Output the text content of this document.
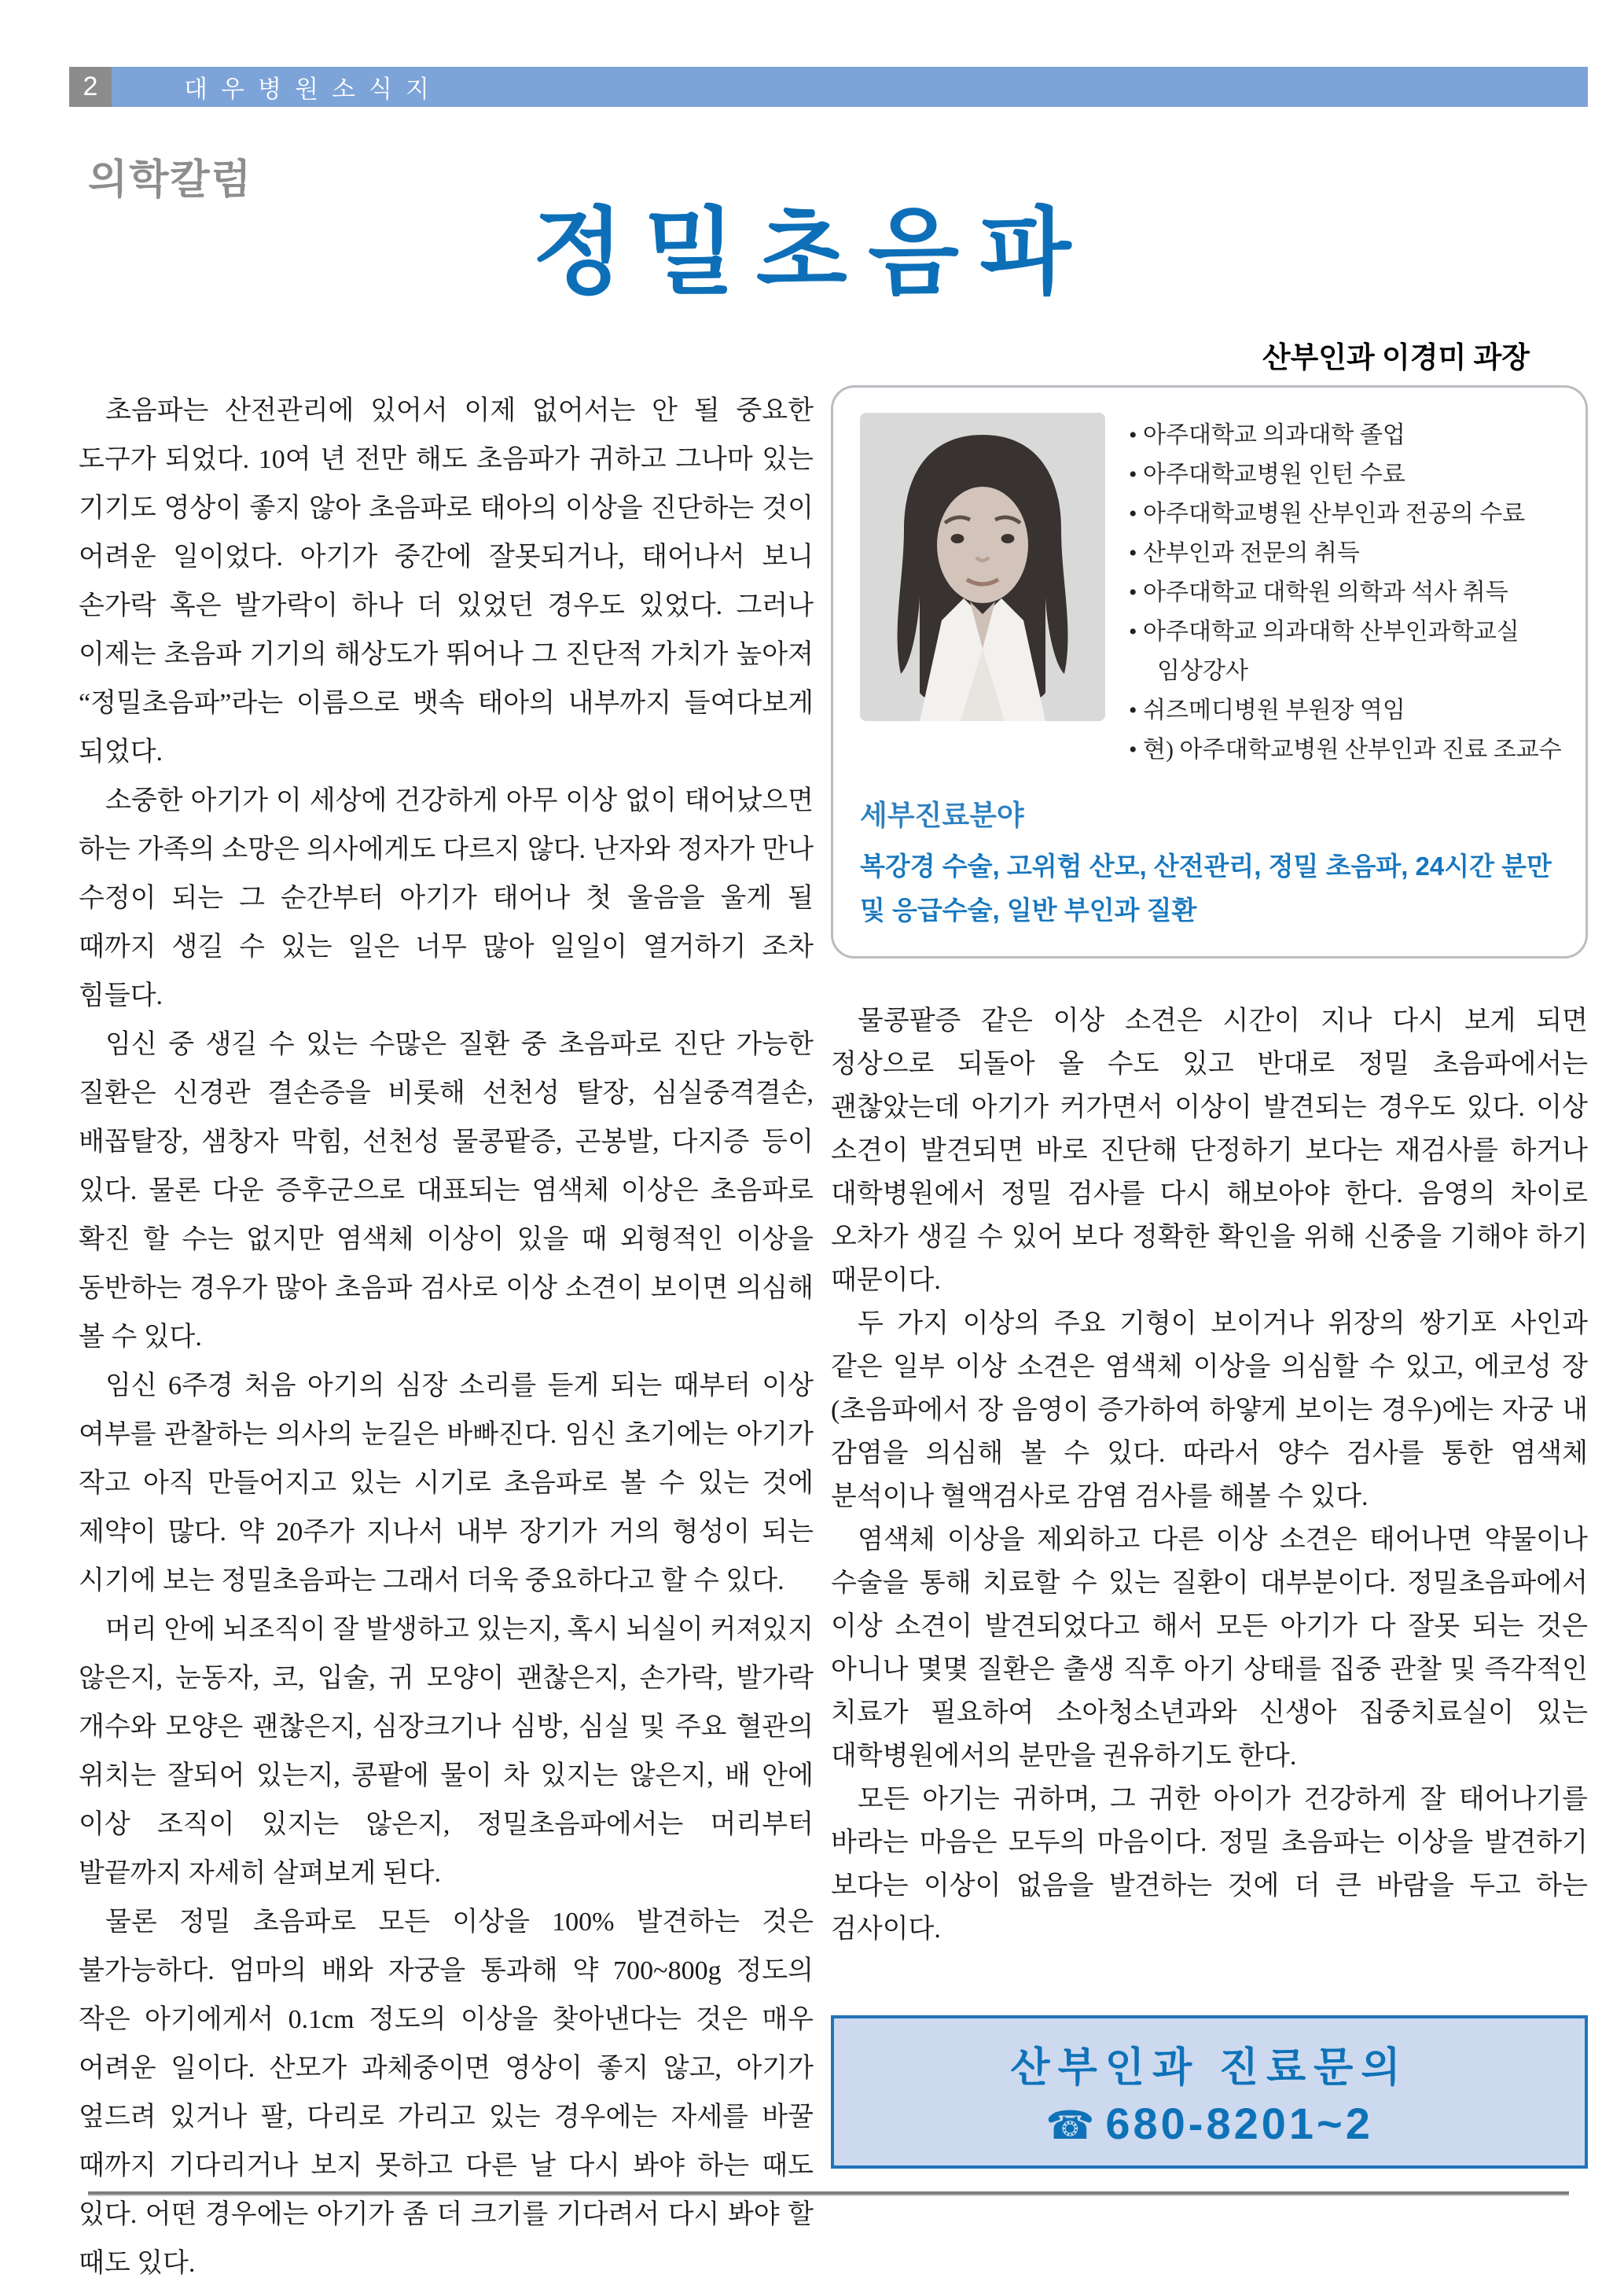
2	대우병원소식지
의학칼럼
정밀초음파
산부인과 이경미 과장

초음파는 산전관리에 있어서 이제 없어서는 안 될 중요한 도구가 되었다. 10여 년 전만 해도 초음파가 귀하고 그나마 있는 기기도 영상이 좋지 않아 초음파로 태아의 이상을 진단하는 것이 어려운 일이었다. 아기가 중간에 잘못되거나, 태어나서 보니 손가락 혹은 발가락이 하나 더 있었던 경우도 있었다. 그러나 이제는 초음파 기기의 해상도가 뛰어나 그 진단적 가치가 높아져 “정밀초음파”라는 이름으로 뱃속 태아의 내부까지 들여다보게 되었다.

소중한 아기가 이 세상에 건강하게 아무 이상 없이 태어났으면 하는 가족의 소망은 의사에게도 다르지 않다. 난자와 정자가 만나 수정이 되는 그 순간부터 아기가 태어나 첫 울음을 울게 될 때까지 생길 수 있는 일은 너무 많아 일일이 열거하기 조차 힘들다.

임신 중 생길 수 있는 수많은 질환 중 초음파로 진단 가능한 질환은 신경관 결손증을 비롯해 선천성 탈장, 심실중격결손, 배꼽탈장, 샘창자 막힘, 선천성 물콩팥증, 곤봉발, 다지증 등이 있다. 물론 다운 증후군으로 대표되는 염색체 이상은 초음파로 확진 할 수는 없지만 염색체 이상이 있을 때 외형적인 이상을 동반하는 경우가 많아 초음파 검사로 이상 소견이 보이면 의심해 볼 수 있다.

임신 6주경 처음 아기의 심장 소리를 듣게 되는 때부터 이상 여부를 관찰하는 의사의 눈길은 바빠진다. 임신 초기에는 아기가 작고 아직 만들어지고 있는 시기로 초음파로 볼 수 있는 것에 제약이 많다. 약 20주가 지나서 내부 장기가 거의 형성이 되는 시기에 보는 정밀초음파는 그래서 더욱 중요하다고 할 수 있다.

머리 안에 뇌조직이 잘 발생하고 있는지, 혹시 뇌실이 커져있지 않은지, 눈동자, 코, 입술, 귀 모양이 괜찮은지, 손가락, 발가락 개수와 모양은 괜찮은지, 심장크기나 심방, 심실 및 주요 혈관의 위치는 잘되어 있는지, 콩팥에 물이 차 있지는 않은지, 배 안에 이상 조직이 있지는 않은지, 정밀초음파에서는 머리부터 발끝까지 자세히 살펴보게 된다.

물론 정밀 초음파로 모든 이상을 100% 발견하는 것은 불가능하다. 엄마의 배와 자궁을 통과해 약 700~800g 정도의 작은 아기에게서 0.1cm 정도의 이상을 찾아낸다는 것은 매우 어려운 일이다. 산모가 과체중이면 영상이 좋지 않고, 아기가 엎드려 있거나 팔, 다리로 가리고 있는 경우에는 자세를 바꿀 때까지 기다리거나 보지 못하고 다른 날 다시 봐야 하는 때도 있다. 어떤 경우에는 아기가 좀 더 크기를 기다려서 다시 봐야 할 때도 있다.

• 아주대학교 의과대학 졸업
• 아주대학교병원 인턴 수료
• 아주대학교병원 산부인과 전공의 수료
• 산부인과 전문의 취득
• 아주대학교 대학원 의학과 석사 취득
• 아주대학교 의과대학 산부인과학교실 임상강사
• 쉬즈메디병원 부원장 역임
• 현) 아주대학교병원 산부인과 진료 조교수
세부진료분야
복강경 수술, 고위험 산모, 산전관리, 정밀 초음파, 24시간 분만 및 응급수술, 일반 부인과 질환

물콩팥증 같은 이상 소견은 시간이 지나 다시 보게 되면 정상으로 되돌아 올 수도 있고 반대로 정밀 초음파에서는 괜찮았는데 아기가 커가면서 이상이 발견되는 경우도 있다. 이상 소견이 발견되면 바로 진단해 단정하기 보다는 재검사를 하거나 대학병원에서 정밀 검사를 다시 해보아야 한다. 음영의 차이로 오차가 생길 수 있어 보다 정확한 확인을 위해 신중을 기해야 하기 때문이다.

두 가지 이상의 주요 기형이 보이거나 위장의 쌍기포 사인과 같은 일부 이상 소견은 염색체 이상을 의심할 수 있고, 에코성 장(초음파에서 장 음영이 증가하여 하얗게 보이는 경우)에는 자궁 내 감염을 의심해 볼 수 있다. 따라서 양수 검사를 통한 염색체 분석이나 혈액검사로 감염 검사를 해볼 수 있다.

염색체 이상을 제외하고 다른 이상 소견은 태어나면 약물이나 수술을 통해 치료할 수 있는 질환이 대부분이다. 정밀초음파에서 이상 소견이 발견되었다고 해서 모든 아기가 다 잘못 되는 것은 아니나 몇몇 질환은 출생 직후 아기 상태를 집중 관찰 및 즉각적인 치료가 필요하여 소아청소년과와 신생아 집중치료실이 있는 대학병원에서의 분만을 권유하기도 한다.

모든 아기는 귀하며, 그 귀한 아이가 건강하게 잘 태어나기를 바라는 마음은 모두의 마음이다. 정밀 초음파는 이상을 발견하기 보다는 이상이 없음을 발견하는 것에 더 큰 바람을 두고 하는 검사이다.

산부인과 진료문의
☎ 680-8201~2
